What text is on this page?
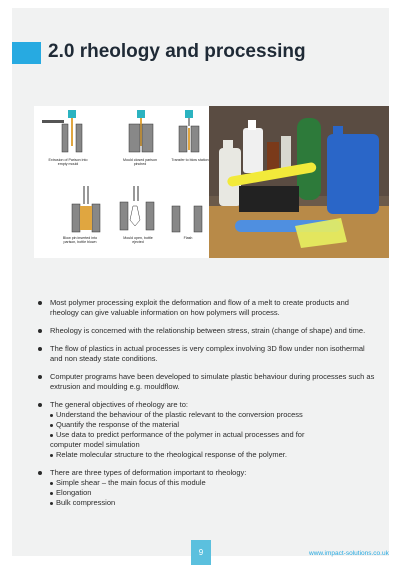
2.0 rheology and processing
Extrusion of Parison into empty mould
Mould closed parison pinched
Transfer to blow station
Blow pin inserted into parison, bottle blown
Mould open, bottle ejected
Flash
Most polymer processing exploit the deformation and flow of a melt to create products and rheology can give valuable information on how polymers will process.
Rheology is concerned with the relationship between stress, strain (change of shape) and time.
The flow of plastics in actual processes is very complex involving 3D flow under non isothermal and non steady state conditions.
Computer programs have been developed to simulate plastic behaviour during processes such as extrusion and moulding e.g. mouldflow.
The general objectives of rheology are to:
Understand the behaviour of the plastic relevant to the conversion process
Quantify the response of the material
Use data to predict performance of the polymer in actual processes and for
computer model simulation
Relate molecular structure to the rheological response of the polymer.
There are three types of deformation important to rheology:
Simple shear – the main focus of this module
Elongation
Bulk compression
9	www.impact-solutions.co.uk
